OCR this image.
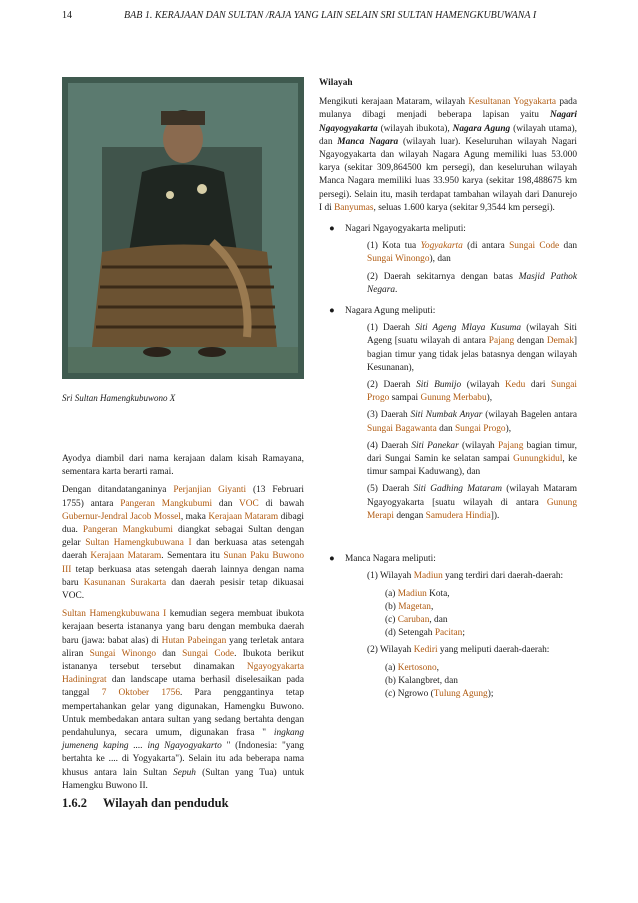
14	BAB 1. KERAJAAN DAN SULTAN /RAJA YANG LAIN SELAIN SRI SULTAN HAMENGKUBUWANA I
Sri Sultan Hamengkubuwono X

Ayodya diambil dari nama kerajaan dalam kisah Ramayana, sementara karta berarti ramai.

Dengan ditandatanganinya Perjanjian Giyanti (13 Februari 1755) antara Pangeran Mangkubumi dan VOC di bawah Gubernur-Jendral Jacob Mossel, maka Kerajaan Mataram dibagi dua. Pangeran Mangkubumi diangkat sebagai Sultan dengan gelar Sultan Hamengkubuwana I dan berkuasa atas setengah daerah Kerajaan Mataram. Sementara itu Sunan Paku Buwono III tetap berkuasa atas setengah daerah lainnya dengan nama baru Kasunanan Surakarta dan daerah pesisir tetap dikuasai VOC.

Sultan Hamengkubuwana I kemudian segera membuat ibukota kerajaan beserta istananya yang baru dengan membuka daerah baru (jawa: babat alas) di Hutan Pabeingan yang terletak antara aliran Sungai Winongo dan Sungai Code. Ibukota berikut istananya tersebut tersebut dinamakan Ngayogyakarta Hadiningrat dan landscape utama berhasil diselesaikan pada tanggal 7 Oktober 1756. Para penggantinya tetap mempertahankan gelar yang digunakan, Hamengku Buwono. Untuk membedakan antara sultan yang sedang bertahta dengan pendahulunya, secara umum, digunakan frasa " ingkang jumeneng kaping .... ing Ngayogyakarto " (Indonesia: "yang bertahta ke .... di Yogyakarta"). Selain itu ada beberapa nama khusus antara lain Sultan Sepuh (Sultan yang Tua) untuk Hamengku Buwono II.

1.6.2 Wilayah dan penduduk
Wilayah

Mengikuti kerajaan Mataram, wilayah Kesultanan Yogyakarta pada mulanya dibagi menjadi beberapa lapisan yaitu Nagari Ngayogyakarta (wilayah ibukota), Nagara Agung (wilayah utama), dan Manca Nagara (wilayah luar). Keseluruhan wilayah Nagari Ngayogyakarta dan wilayah Nagara Agung memiliki luas 53.000 karya (sekitar 309,864500 km persegi), dan keseluruhan wilayah Manca Nagara memiliki luas 33.950 karya (sekitar 198,488675 km persegi). Selain itu, masih terdapat tambahan wilayah dari Danurejo I di Banyumas, seluas 1.600 karya (sekitar 9,3544 km persegi).

● Nagari Ngayogyakarta meliputi:

(1) Kota tua Yogyakarta (di antara Sungai Code dan Sungai Winongo), dan

(2) Daerah sekitarnya dengan batas Masjid Pathok Negara.

● Nagara Agung meliputi:

(1) Daerah Siti Ageng Mlaya Kusuma (wilayah Siti Ageng [suatu wilayah di antara Pajang dengan Demak] bagian timur yang tidak jelas batasnya dengan wilayah Kesunanan),

(2) Daerah Siti Bumijo (wilayah Kedu dari Sungai Progo sampai Gunung Merbabu),

(3) Daerah Siti Numbak Anyar (wilayah Bagelen antara Sungai Bagawanta dan Sungai Progo),

(4) Daerah Siti Panekar (wilayah Pajang bagian timur, dari Sungai Samin ke selatan sampai Gunungkidul, ke timur sampai Kaduwang), dan

(5) Daerah Siti Gadhing Mataram (wilayah Mataram Ngayogyakarta [suatu wilayah di antara Gunung Merapi dengan Samudera Hindia]).

● Manca Nagara meliputi:

(1) Wilayah Madiun yang terdiri dari daerah-daerah:

(a) Madiun Kota,
(b) Magetan,
(c) Caruban, dan
(d) Setengah Pacitan;

(2) Wilayah Kediri yang meliputi daerah-daerah:

(a) Kertosono,
(b) Kalangbret, dan
(c) Ngrowo (Tulung Agung);
